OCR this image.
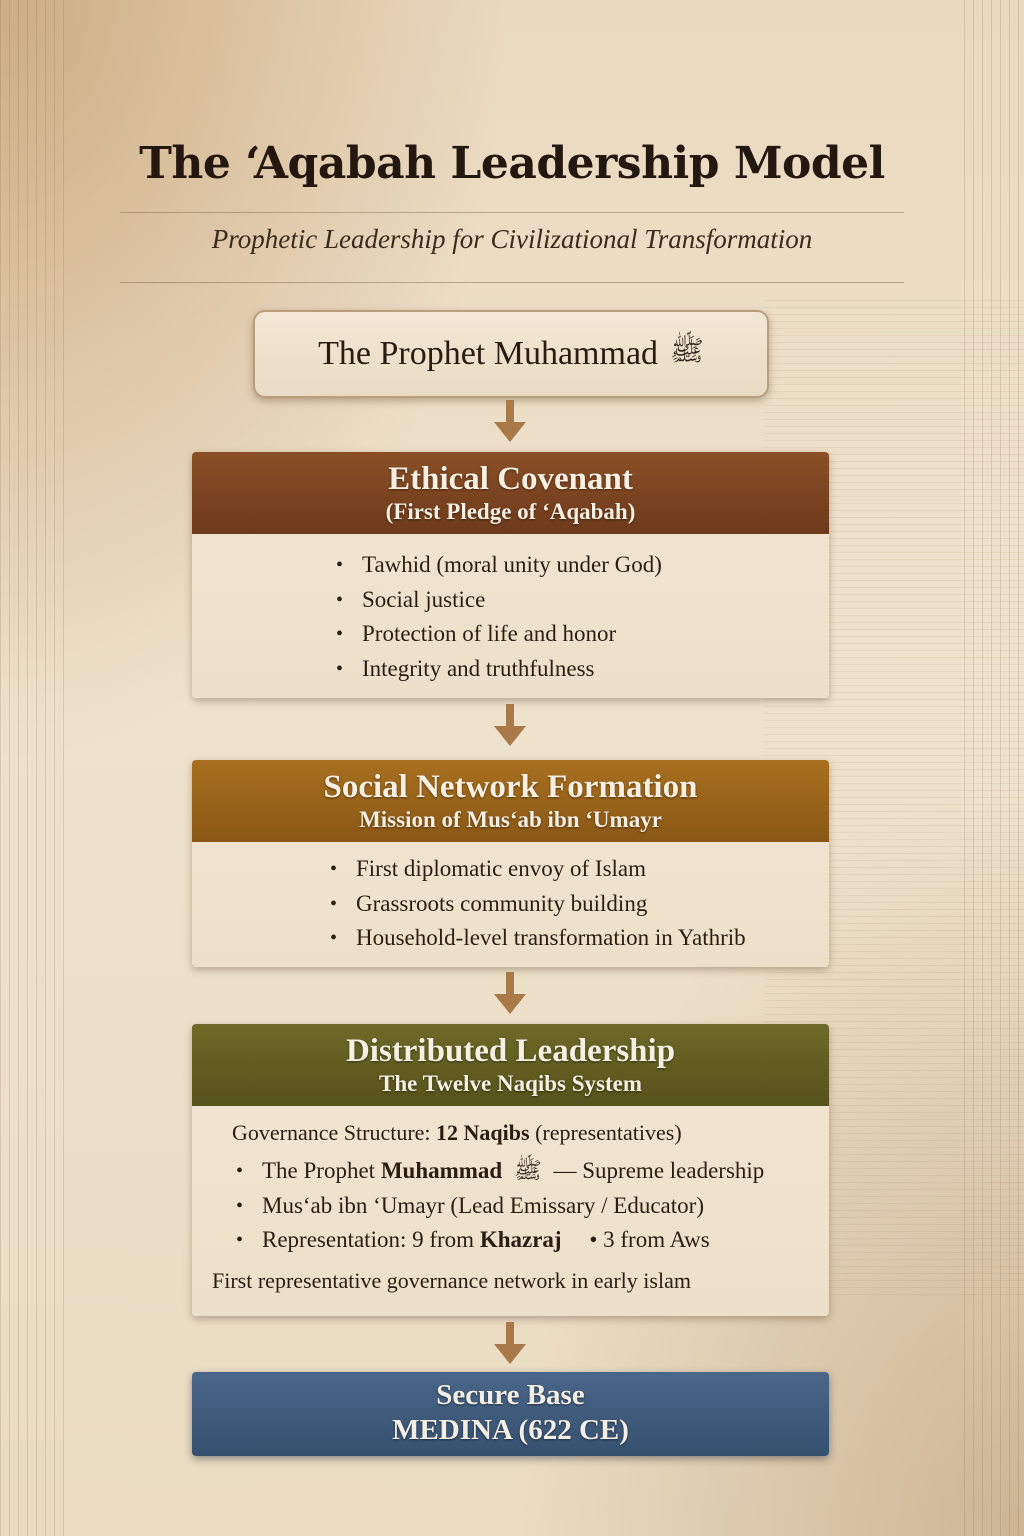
The ‘Aqabah Leadership Model
Prophetic Leadership for Civilizational Transformation
The Prophet Muhammad ﷺ
Ethical Covenant
(First Pledge of ‘Aqabah)
• Tawhid (moral unity under God)
• Social justice
• Protection of life and honor
• Integrity and truthfulness
Social Network Formation
Mission of Mus‘ab ibn ‘Umayr
• First diplomatic envoy of Islam
• Grassroots community building
• Household-level transformation in Yathrib
Distributed Leadership
The Twelve Naqibs System
Governance Structure: 12 Naqibs (representatives)
• The Prophet Muhammad ﷺ — Supreme leadership
• Mus‘ab ibn ‘Umayr (Lead Emissary / Educator)
• Representation: 9 from Khazraj • 3 from Aws
First representative governance network in early islam
Secure Base
MEDINA (622 CE)
